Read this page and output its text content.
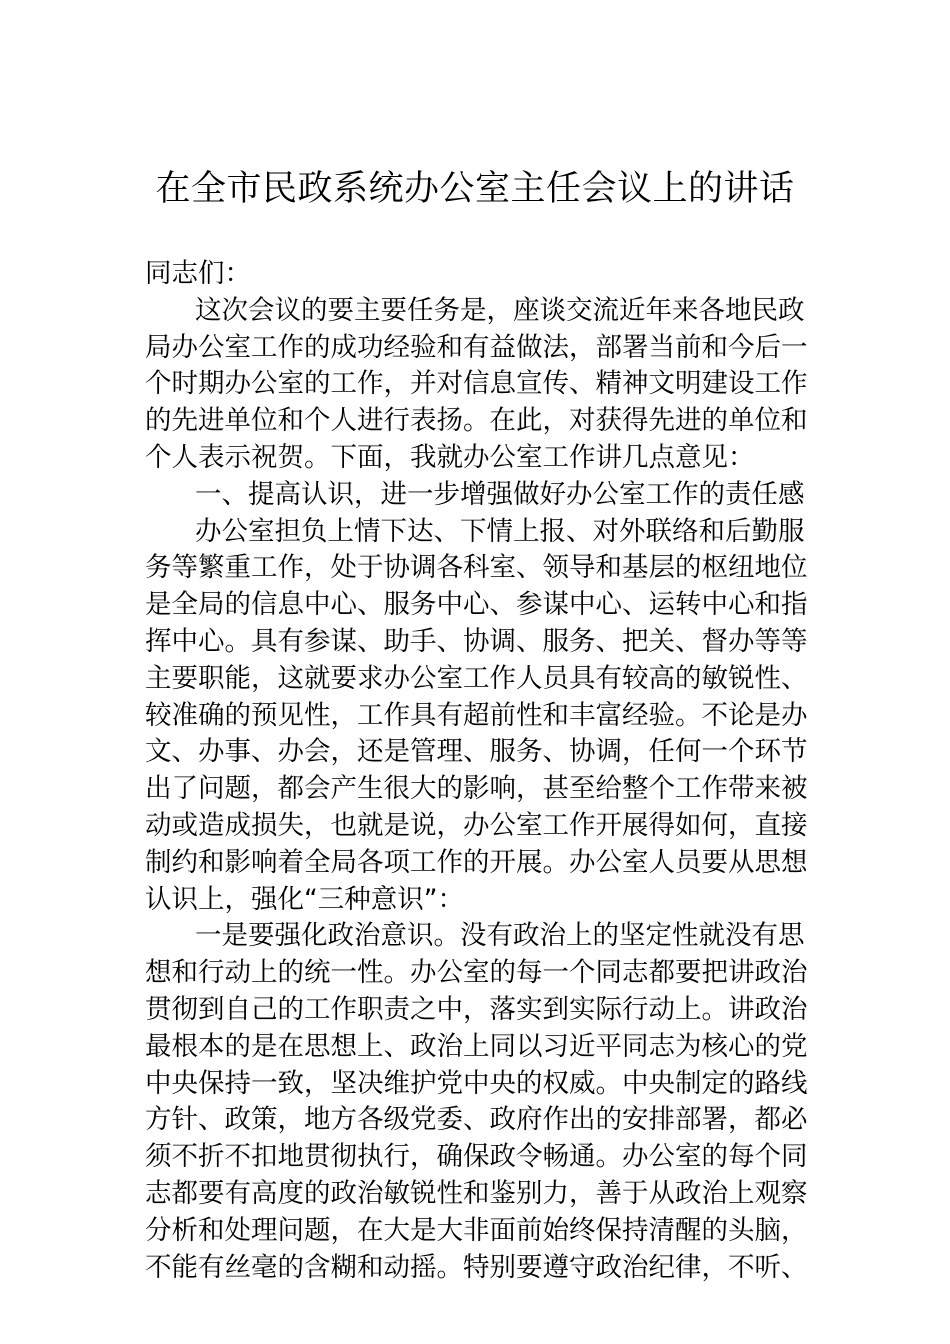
在全市民政系统办公室主任会议上的讲话

同志们：

这次会议的要主要任务是，座谈交流近年来各地民政

局办公室工作的成功经验和有益做法，部署当前和今后一

个时期办公室的工作，并对信息宣传、精神文明建设工作

的先进单位和个人进行表扬。在此，对获得先进的单位和

个人表示祝贺。下面，我就办公室工作讲几点意见：

一、提高认识，进一步增强做好办公室工作的责任感

办公室担负上情下达、下情上报、对外联络和后勤服

务等繁重工作，处于协调各科室、领导和基层的枢纽地位

是全局的信息中心、服务中心、参谋中心、运转中心和指

挥中心。具有参谋、助手、协调、服务、把关、督办等等

主要职能，这就要求办公室工作人员具有较高的敏锐性、

较准确的预见性，工作具有超前性和丰富经验。不论是办

文、办事、办会，还是管理、服务、协调，任何一个环节

出了问题，都会产生很大的影响，甚至给整个工作带来被

动或造成损失，也就是说，办公室工作开展得如何，直接

制约和影响着全局各项工作的开展。办公室人员要从思想

认识上，强化“三种意识”：

一是要强化政治意识。没有政治上的坚定性就没有思

想和行动上的统一性。办公室的每一个同志都要把讲政治

贯彻到自己的工作职责之中，落实到实际行动上。讲政治

最根本的是在思想上、政治上同以习近平同志为核心的党

中央保持一致，坚决维护党中央的权威。中央制定的路线

方针、政策，地方各级党委、政府作出的安排部署，都必

须不折不扣地贯彻执行，确保政令畅通。办公室的每个同

志都要有高度的政治敏锐性和鉴别力，善于从政治上观察

分析和处理问题，在大是大非面前始终保持清醒的头脑，

不能有丝毫的含糊和动摇。特别要遵守政治纪律，不听、
